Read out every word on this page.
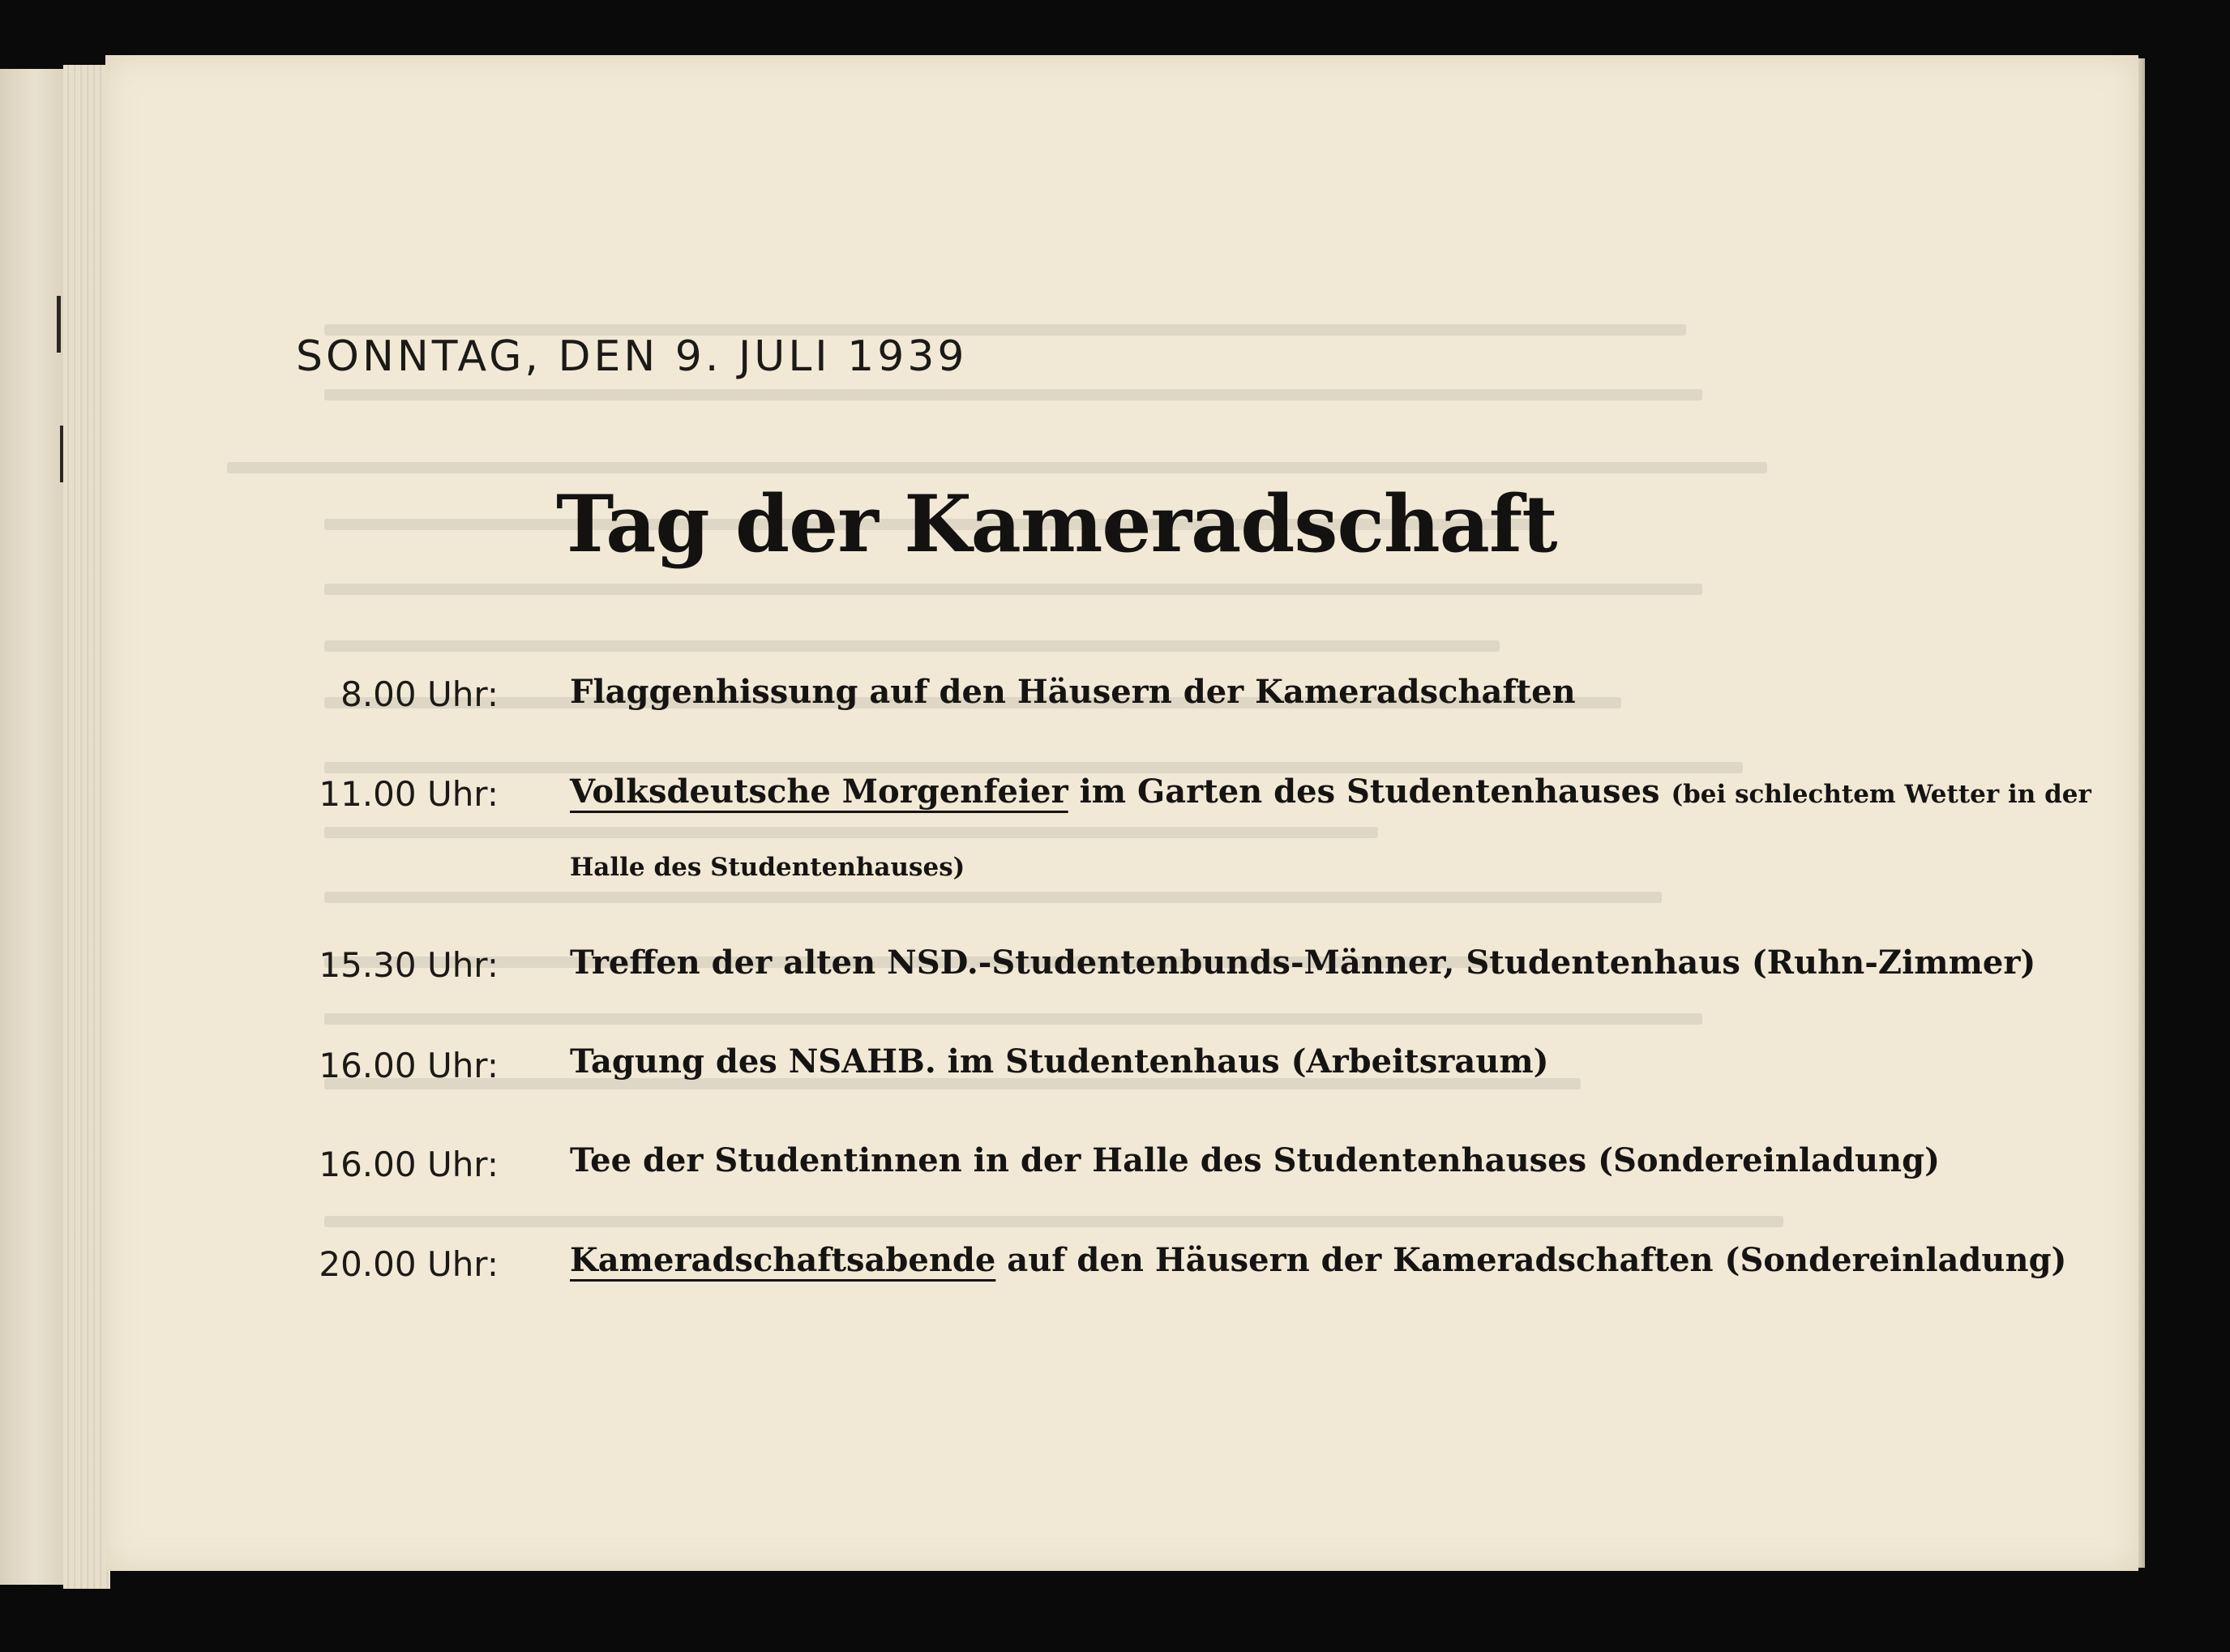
SONNTAG, DEN 9. JULI 1939
Tag der Kameradschaft
8.00 Uhr: Flaggenhissung auf den Häusern der Kameradschaften
11.00 Uhr: Volksdeutsche Morgenfeier im Garten des Studentenhauses (bei schlechtem Wetter in der
Halle des Studentenhauses)
15.30 Uhr: Treffen der alten NSD.-Studentenbunds-Männer, Studentenhaus (Ruhn-Zimmer)
16.00 Uhr: Tagung des NSAHB. im Studentenhaus (Arbeitsraum)
16.00 Uhr: Tee der Studentinnen in der Halle des Studentenhauses (Sondereinladung)
20.00 Uhr: Kameradschaftsabende auf den Häusern der Kameradschaften (Sondereinladung)
